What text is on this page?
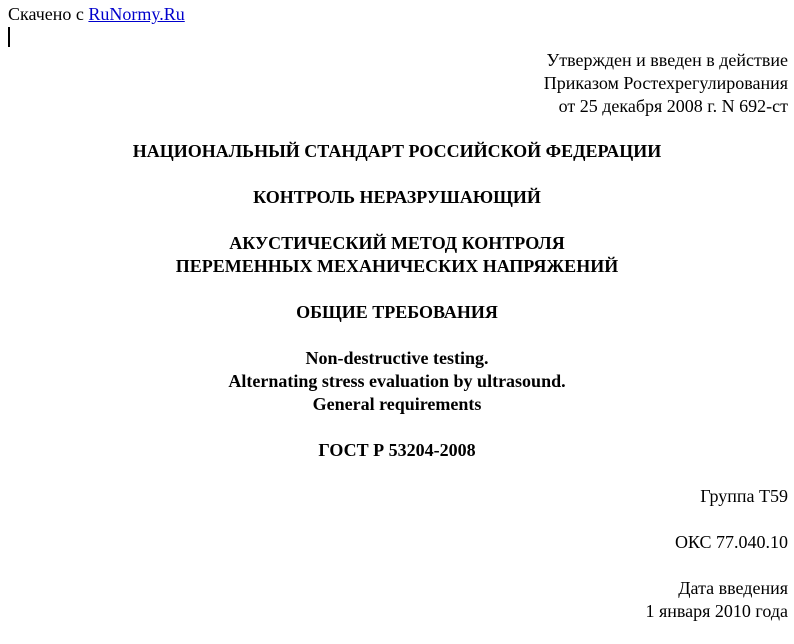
Скачено с RuNormy.Ru
Утвержден и введен в действие
Приказом Ростехрегулирования
от 25 декабря 2008 г. N 692-ст
НАЦИОНАЛЬНЫЙ СТАНДАРТ РОССИЙСКОЙ ФЕДЕРАЦИИ
КОНТРОЛЬ НЕРАЗРУШАЮЩИЙ
АКУСТИЧЕСКИЙ МЕТОД КОНТРОЛЯ
ПЕРЕМЕННЫХ МЕХАНИЧЕСКИХ НАПРЯЖЕНИЙ
ОБЩИЕ ТРЕБОВАНИЯ
Non-destructive testing.
Alternating stress evaluation by ultrasound.
General requirements
ГОСТ Р 53204-2008
Группа Т59
ОКС 77.040.10
Дата введения
1 января 2010 года
